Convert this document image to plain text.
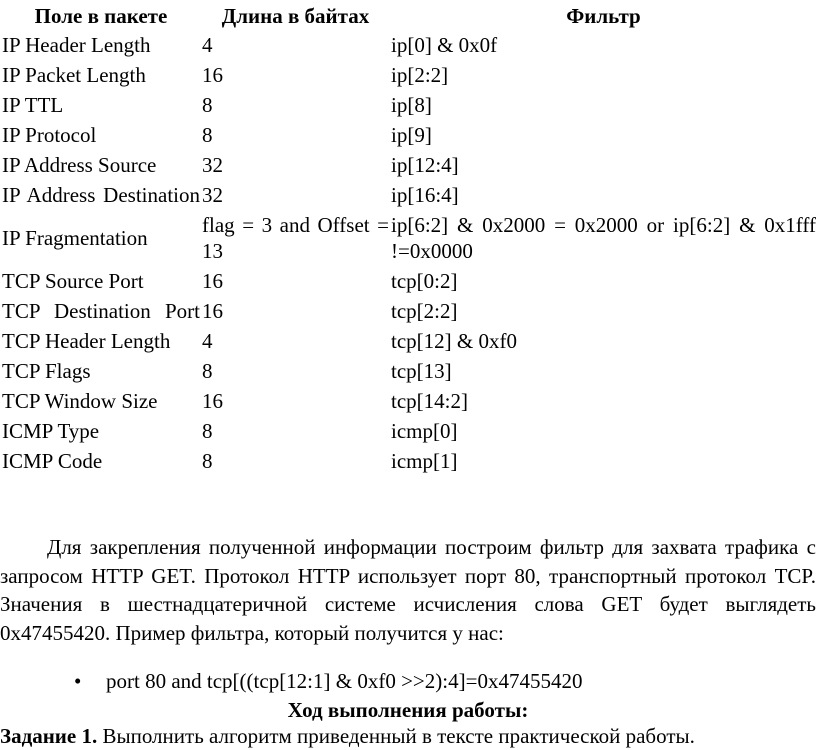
Поле в пакете	Длина в байтах	Фильтр
IP Header Length	4	ip[0] & 0x0f
IP Packet Length	16	ip[2:2]
IP TTL	8	ip[8]
IP Protocol	8	ip[9]
IP Address Source	32	ip[12:4]
IP Address Destination	32	ip[16:4]
IP Fragmentation	flag = 3 and Offset = 13	ip[6:2] & 0x2000 = 0x2000 or ip[6:2] & 0x1fff !=0x0000
TCP Source Port	16	tcp[0:2]
TCP Destination Port	16	tcp[2:2]
TCP Header Length	4	tcp[12] & 0xf0
TCP Flags	8	tcp[13]
TCP Window Size	16	tcp[14:2]
ICMP Type	8	icmp[0]
ICMP Code	8	icmp[1]
Для закрепления полученной информации построим фильтр для захвата трафика с запросом HTTP GET. Протокол HTTP использует порт 80, транспортный протокол TCP. Значения в шестнадцатеричной системе исчисления слова GET будет выглядеть 0x47455420. Пример фильтра, который получится у нас:
• port 80 and tcp[((tcp[12:1] & 0xf0 >>2):4]=0x47455420
Ход выполнения работы:
Задание 1. Выполнить алгоритм приведенный в тексте практической работы.
